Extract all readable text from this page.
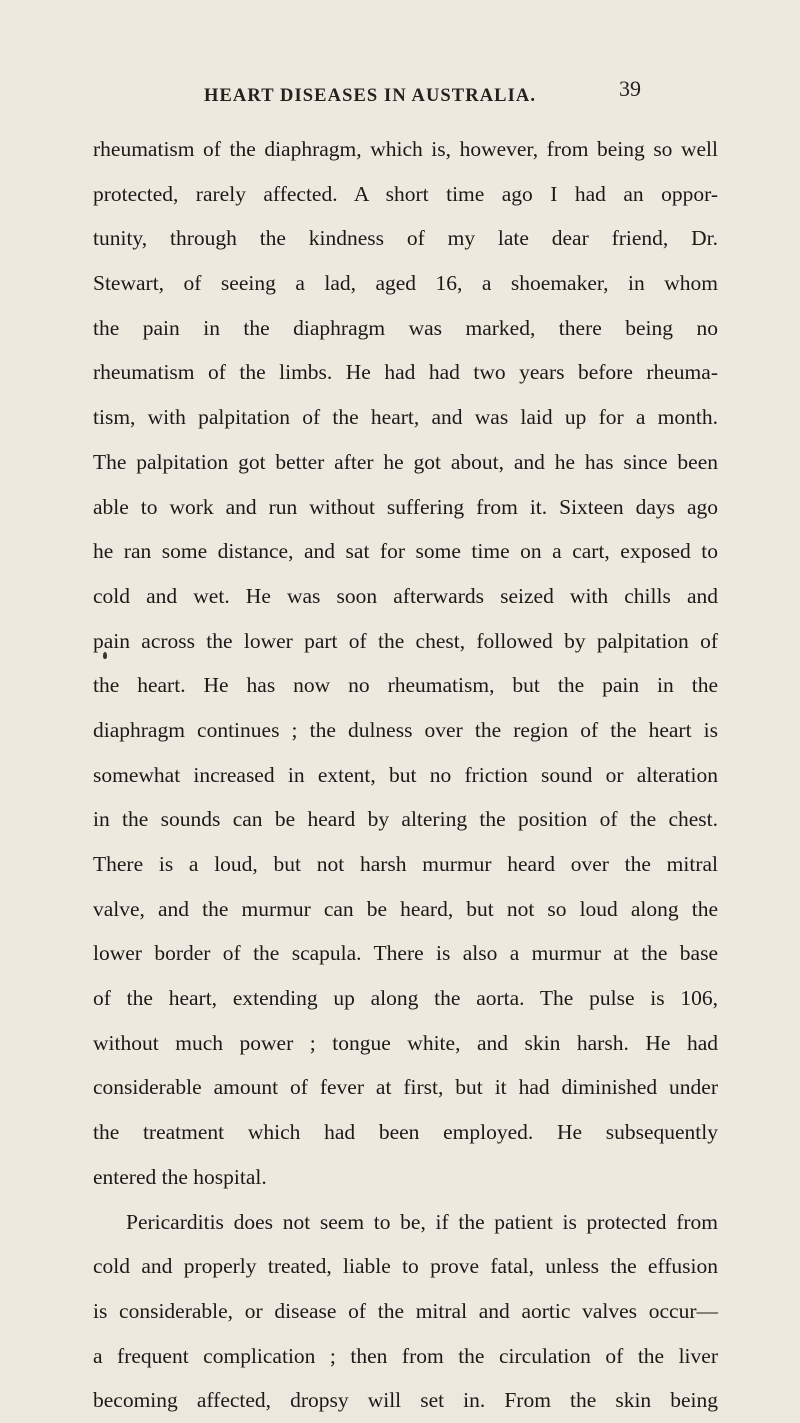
HEART DISEASES IN AUSTRALIA.	39
rheumatism of the diaphragm, which is, however, from being so well
protected, rarely affected. A short time ago I had an oppor-
tunity, through the kindness of my late dear friend, Dr.
Stewart, of seeing a lad, aged 16, a shoemaker, in whom
the pain in the diaphragm was marked, there being no
rheumatism of the limbs. He had had two years before rheuma-
tism, with palpitation of the heart, and was laid up for a month.
The palpitation got better after he got about, and he has since been
able to work and run without suffering from it. Sixteen days ago
he ran some distance, and sat for some time on a cart, exposed to
cold and wet. He was soon afterwards seized with chills and
pain across the lower part of the chest, followed by palpitation of
the heart. He has now no rheumatism, but the pain in the
diaphragm continues ; the dulness over the region of the heart is
somewhat increased in extent, but no friction sound or alteration
in the sounds can be heard by altering the position of the chest.
There is a loud, but not harsh murmur heard over the mitral
valve, and the murmur can be heard, but not so loud along the
lower border of the scapula. There is also a murmur at the base
of the heart, extending up along the aorta. The pulse is 106,
without much power ; tongue white, and skin harsh. He had
considerable amount of fever at first, but it had diminished under
the treatment which had been employed. He subsequently
entered the hospital.
Pericarditis does not seem to be, if the patient is protected from
cold and properly treated, liable to prove fatal, unless the effusion
is considerable, or disease of the mitral and aortic valves occur—
a frequent complication ; then from the circulation of the liver
becoming affected, dropsy will set in. From the skin being
